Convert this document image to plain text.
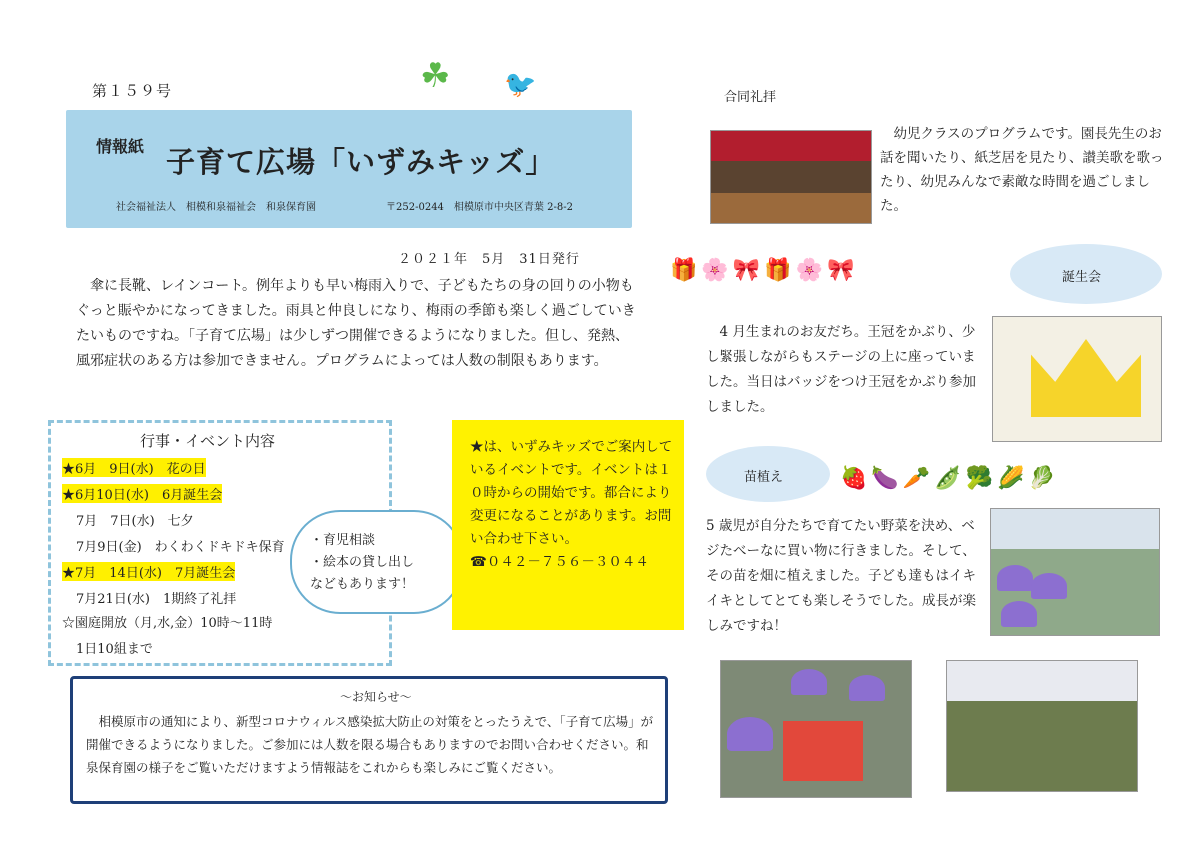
☘	🐦
第１５９号
情報紙 子育て広場「いずみキッズ」
社会福祉法人　相模和泉福祉会　和泉保育園	〒252-0244　相模原市中央区青葉 2-8-2
２０２１年　5月　31日発行
傘に長靴、レインコート。例年よりも早い梅雨入りで、子どもたちの身の回りの小物もぐっと賑やかになってきました。雨具と仲良しになり、梅雨の季節も楽しく過ごしていきたいものですね。「子育て広場」は少しずつ開催できるようになりました。但し、発熱、風邪症状のある方は参加できません。プログラムによっては人数の制限もあります。
行事・イベント内容
★6月　9日(水)　花の日
★6月10日(水)　6月誕生会
7月　7日(水)　七夕
7月9日(金)　わくわくドキドキ保育
★7月　14日(水)　7月誕生会
7月21日(水)　1期終了礼拝
☆園庭開放（月,水,金）10時～11時
1日10組まで
・育児相談
・絵本の貸し出し
などもあります！
★は、いずみキッズでご案内しているイベントです。イベントは１０時からの開始です。都合により変更になることがあります。お問い合わせ下さい。
☎０４２－７５６－３０４４
～お知らせ～
相模原市の通知により、新型コロナウィルス感染拡大防止の対策をとったうえで、「子育て広場」が開催できるようになりました。ご参加には人数を限る場合もありますのでお問い合わせください。和泉保育園の様子をご覧いただけますよう情報誌をこれからも楽しみにご覧ください。
合同礼拝
幼児クラスのプログラムです。園長先生のお話を聞いたり、紙芝居を見たり、讃美歌を歌ったり、幼児みんなで素敵な時間を過ごしました。
🎁🌸🎀🎁🌸🎀	誕生会
4 月生まれのお友だち。王冠をかぶり、少し緊張しながらもステージの上に座っていました。当日はバッジをつけ王冠をかぶり参加しました。
苗植え	🍓🍆🥕🫛🥦🌽🥬
5 歳児が自分たちで育てたい野菜を決め、ベジたべーなに買い物に行きました。そして、その苗を畑に植えました。子ども達もはイキイキとしてとても楽しそうでした。成長が楽しみですね！
